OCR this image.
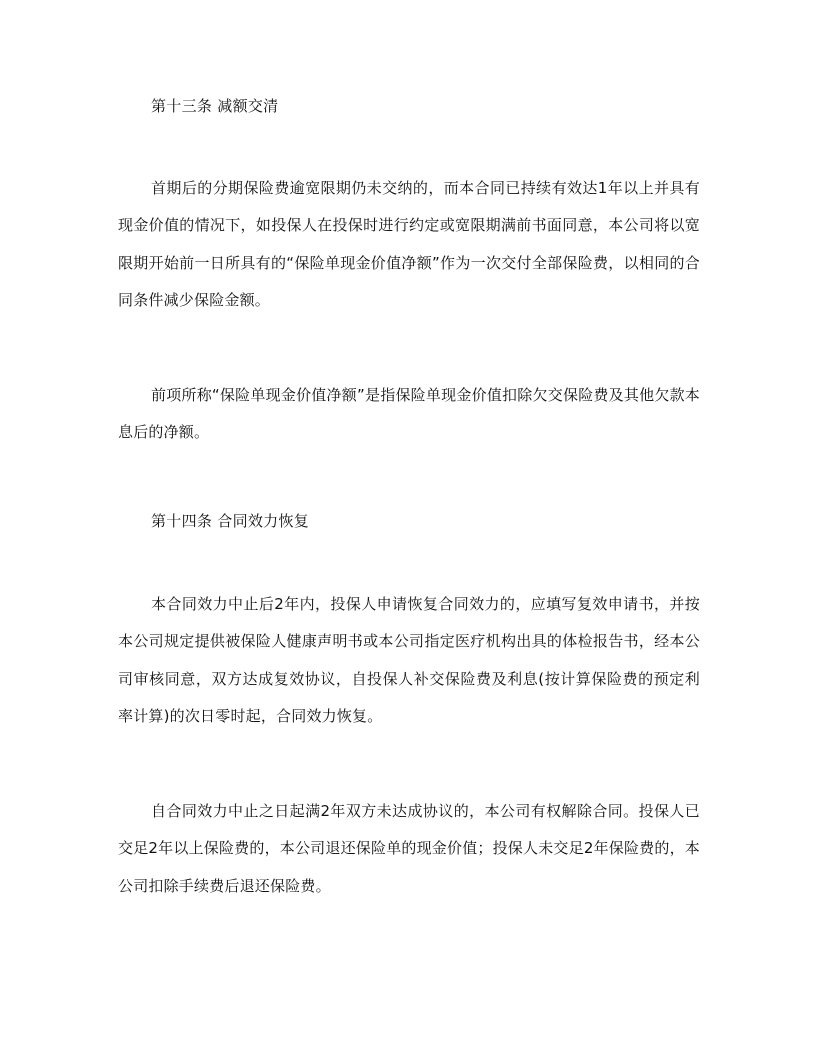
第十三条 减额交清
首期后的分期保险费逾宽限期仍未交纳的，而本合同已持续有效达1年以上并具有现金价值的情况下，如投保人在投保时进行约定或宽限期满前书面同意，本公司将以宽限期开始前一日所具有的“保险单现金价值净额”作为一次交付全部保险费，以相同的合同条件减少保险金额。
前项所称“保险单现金价值净额”是指保险单现金价值扣除欠交保险费及其他欠款本息后的净额。
第十四条 合同效力恢复
本合同效力中止后2年内，投保人申请恢复合同效力的，应填写复效申请书，并按本公司规定提供被保险人健康声明书或本公司指定医疗机构出具的体检报告书，经本公司审核同意，双方达成复效协议，自投保人补交保险费及利息(按计算保险费的预定利率计算)的次日零时起，合同效力恢复。
自合同效力中止之日起满2年双方未达成协议的，本公司有权解除合同。投保人已交足2年以上保险费的，本公司退还保险单的现金价值；投保人未交足2年保险费的，本公司扣除手续费后退还保险费。
